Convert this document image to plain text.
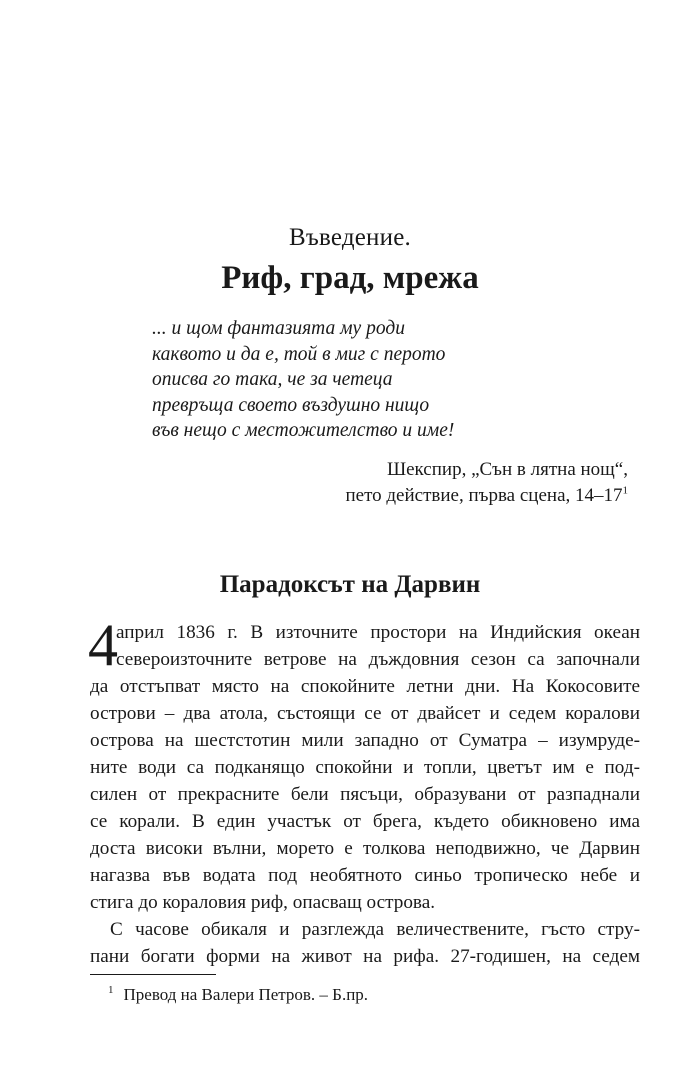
Въведение.
Риф, град, мрежа
... и щом фантазията му роди
каквото и да е, той в миг с перото
описва го така, че за четеца
превръща своето въздушно нищо
във нещо с местожителство и име!
Шекспир, „Сън в лятна нощ“,
пето действие, първа сцена, $14-17^1$
Парадоксът на Дарвин
4
април 1836 г. В източните простори на Индийския океан
североизточните ветрове на дъждовния сезон са започнали
да отстъпват място на спокойните летни дни. На Кокосовите
острови – два атола, състоящи се от двайсет и седем коралови
острова на шестстотин мили западно от Суматра – изумруде-
ните води са подканящо спокойни и топли, цветът им е под-
силен от прекрасните бели пясъци, образувани от разпаднали
се корали. В един участък от брега, където обикновено има
доста високи вълни, морето е толкова неподвижно, че Дарвин
нагазва във водата под необятното синьо тропическо небе и
стига до кораловия риф, опасващ острова.
С часове обикаля и разглежда величествените, гъсто стру-
пани богати форми на живот на рифа. 27-годишен, на седем
$^1$ Превод на Валери Петров. – Б.пр.
